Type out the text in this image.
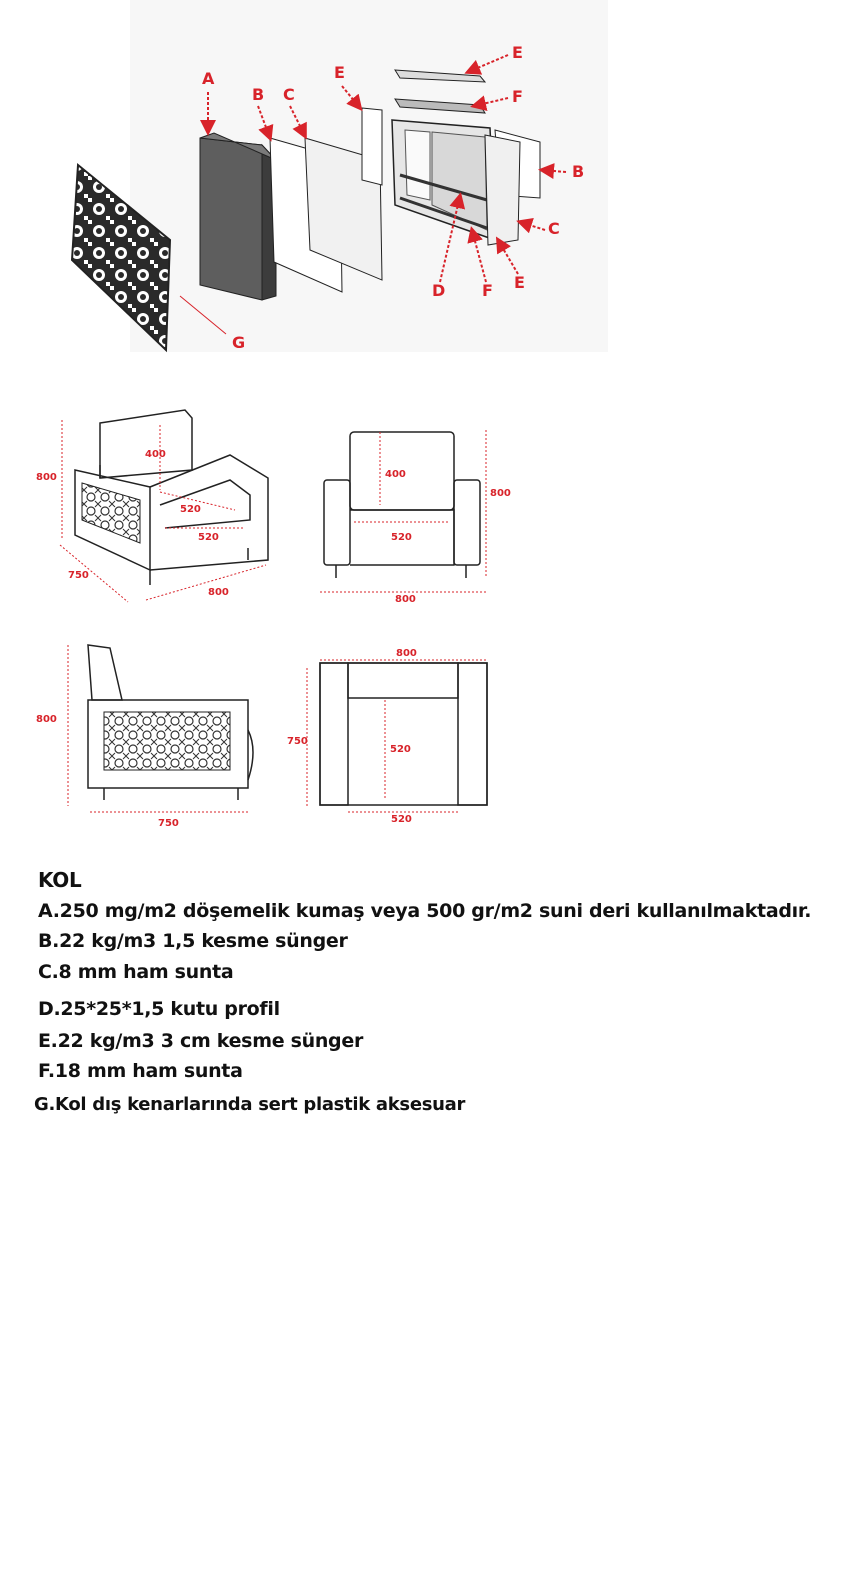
A
B C
E
E
F
B
C
D F E
G
800
400
520
520
750
800
400
800
520
800
800
750
800
750
520
520
KOL
A.250 mg/m2 döşemelik kumaş veya 500 gr/m2 suni deri kullanılmaktadır.
B.22 kg/m3 1,5 kesme sünger
C.8 mm ham sunta
D.25*25*1,5 kutu profil
E.22 kg/m3 3 cm kesme sünger
F.18 mm ham sunta
G.Kol dış kenarlarında sert plastik aksesuar
